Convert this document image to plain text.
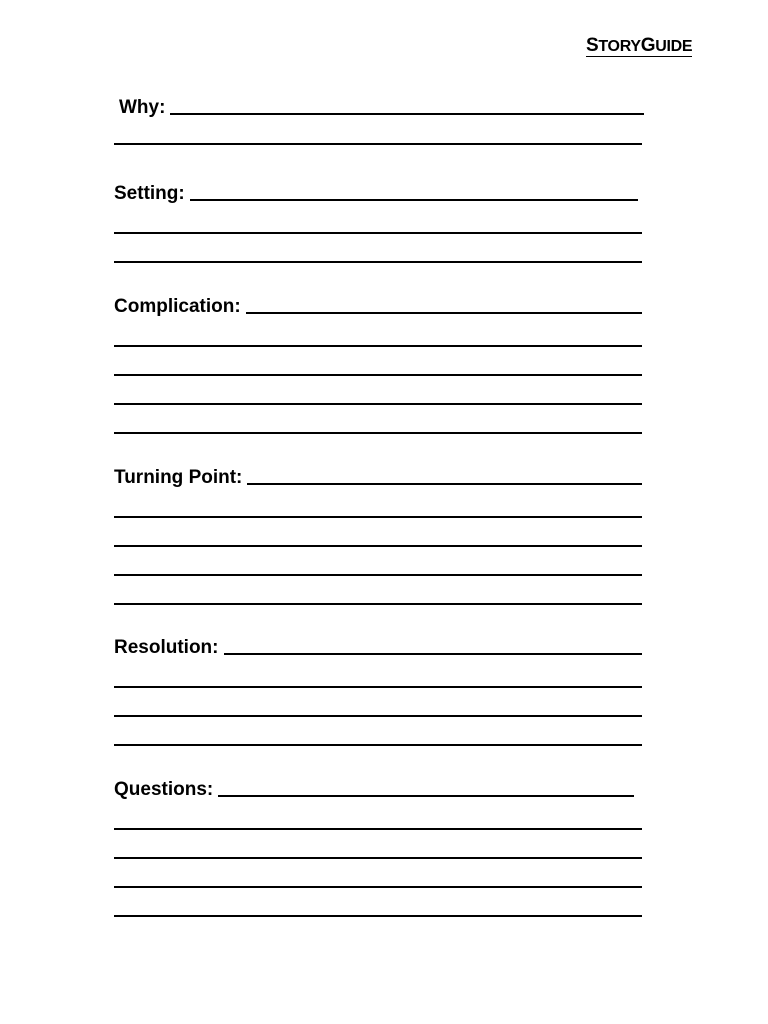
STORYGUIDE
Why:
Setting:
Complication:
Turning Point:
Resolution:
Questions:
